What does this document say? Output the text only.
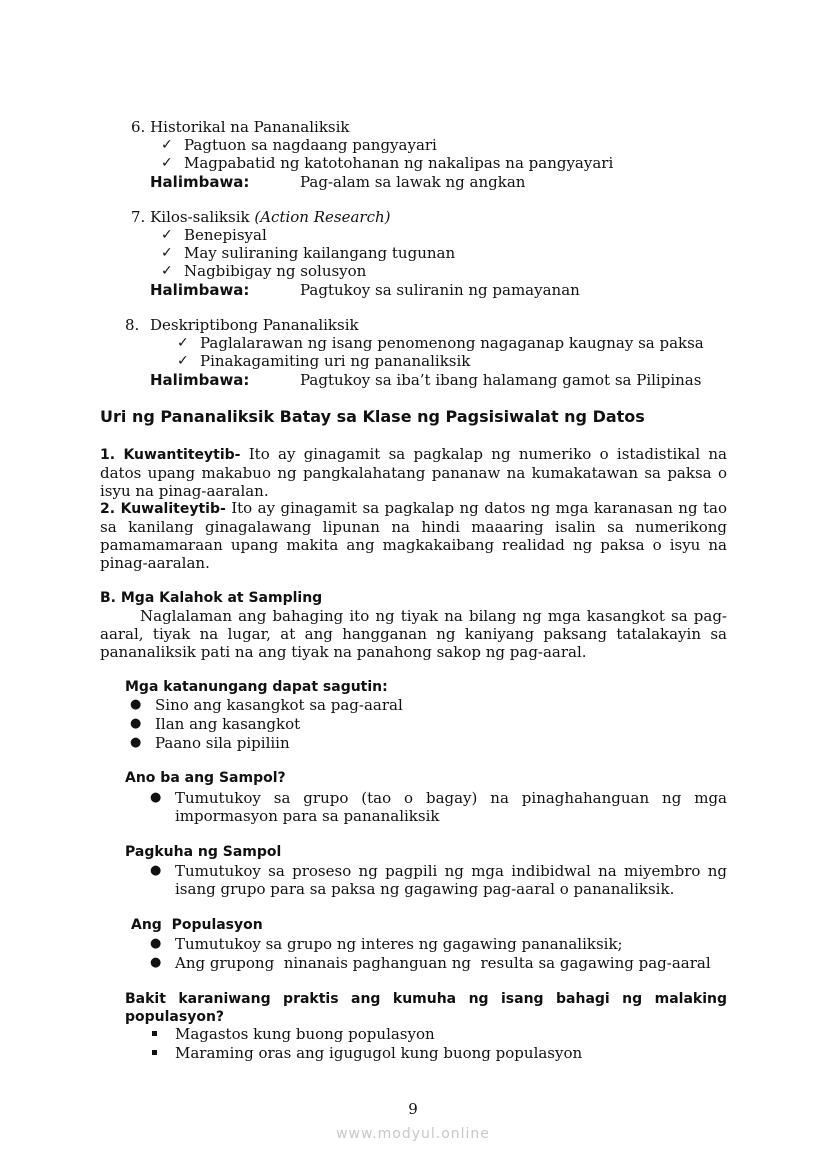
6. Historikal na Pananaliksik
✓ Pagtuon sa nagdaang pangyayari
✓ Magpabatid ng katotohanan ng nakalipas na pangyayari
Halimbawa:	Pag-alam sa lawak ng angkan
7. Kilos-saliksik (Action Research)
✓ Benepisyal
✓ May suliraning kailangang tugunan
✓ Nagbibigay ng solusyon
Halimbawa:	Pagtukoy sa suliranin ng pamayanan
8. Deskriptibong Pananaliksik
✓ Paglalarawan ng isang penomenong nagaganap kaugnay sa paksa
✓ Pinakagamiting uri ng pananaliksik
Halimbawa:	Pagtukoy sa iba’t ibang halamang gamot sa Pilipinas
Uri ng Pananaliksik Batay sa Klase ng Pagsisiwalat ng Datos
1. Kuwantiteytib- Ito ay ginagamit sa pagkalap ng numeriko o istadistikal na datos upang makabuo ng pangkalahatang pananaw na kumakatawan sa paksa o isyu na pinag-aaralan.
2. Kuwaliteytib- Ito ay ginagamit sa pagkalap ng datos ng mga karanasan ng tao sa kanilang ginagalawang lipunan na hindi maaaring isalin sa numerikong pamamamaraan upang makita ang magkakaibang realidad ng paksa o isyu na pinag-aaralan.
B. Mga Kalahok at Sampling
Naglalaman ang bahaging ito ng tiyak na bilang ng mga kasangkot sa pag-aaral, tiyak na lugar, at ang hangganan ng kaniyang paksang tatalakayin sa pananaliksik pati na ang tiyak na panahong sakop ng pag-aaral.
Mga katanungang dapat sagutin:
● Sino ang kasangkot sa pag-aaral
● Ilan ang kasangkot
● Paano sila pipiliin
Ano ba ang Sampol?
● Tumutukoy sa grupo (tao o bagay) na pinaghahanguan ng mga impormasyon para sa pananaliksik
Pagkuha ng Sampol
● Tumutukoy sa proseso ng pagpili ng mga indibidwal na miyembro ng isang grupo para sa paksa ng gagawing pag-aaral o pananaliksik.
Ang  Populasyon
● Tumutukoy sa grupo ng interes ng gagawing pananaliksik;
● Ang grupong  ninanais paghanguan ng  resulta sa gagawing pag-aaral
Bakit karaniwang praktis ang kumuha ng isang bahagi ng malaking populasyon?
Magastos kung buong populasyon
Maraming oras ang igugugol kung buong populasyon
9
www.modyul.online
